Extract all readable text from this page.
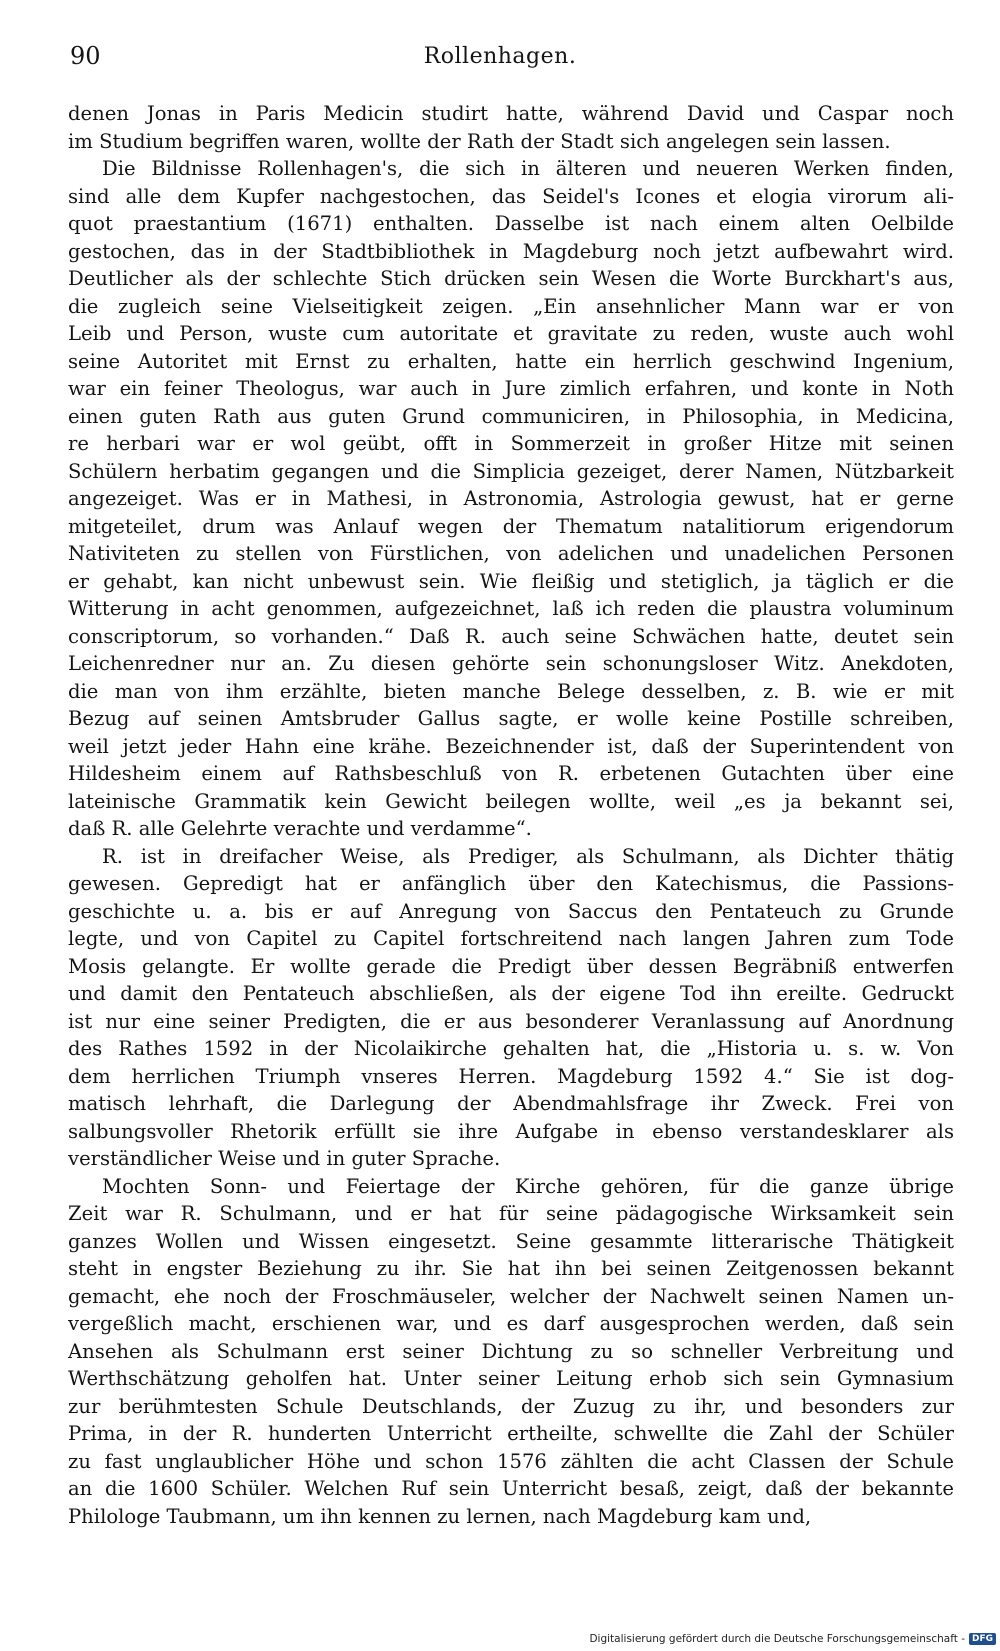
90	Rollenhagen.
denen Jonas in Paris Medicin studirt hatte, während David und Caspar noch
im Studium begriffen waren, wollte der Rath der Stadt sich angelegen sein lassen.
Die Bildnisse Rollenhagen's, die sich in älteren und neueren Werken finden,
sind alle dem Kupfer nachgestochen, das Seidel's Icones et elogia virorum ali-
quot praestantium (1671) enthalten. Dasselbe ist nach einem alten Oelbilde
gestochen, das in der Stadtbibliothek in Magdeburg noch jetzt aufbewahrt wird.
Deutlicher als der schlechte Stich drücken sein Wesen die Worte Burckhart's aus,
die zugleich seine Vielseitigkeit zeigen. „Ein ansehnlicher Mann war er von
Leib und Person, wuste cum autoritate et gravitate zu reden, wuste auch wohl
seine Autoritet mit Ernst zu erhalten, hatte ein herrlich geschwind Ingenium,
war ein feiner Theologus, war auch in Jure zimlich erfahren, und konte in Noth
einen guten Rath aus guten Grund communiciren, in Philosophia, in Medicina,
re herbari war er wol geübt, offt in Sommerzeit in großer Hitze mit seinen
Schülern herbatim gegangen und die Simplicia gezeiget, derer Namen, Nützbarkeit
angezeiget. Was er in Mathesi, in Astronomia, Astrologia gewust, hat er gerne
mitgeteilet, drum was Anlauf wegen der Thematum natalitiorum erigendorum
Nativiteten zu stellen von Fürstlichen, von adelichen und unadelichen Personen
er gehabt, kan nicht unbewust sein. Wie fleißig und stetiglich, ja täglich er die
Witterung in acht genommen, aufgezeichnet, laß ich reden die plaustra voluminum
conscriptorum, so vorhanden.“ Daß R. auch seine Schwächen hatte, deutet sein
Leichenredner nur an. Zu diesen gehörte sein schonungsloser Witz. Anekdoten,
die man von ihm erzählte, bieten manche Belege desselben, z. B. wie er mit
Bezug auf seinen Amtsbruder Gallus sagte, er wolle keine Postille schreiben,
weil jetzt jeder Hahn eine krähe. Bezeichnender ist, daß der Superintendent von
Hildesheim einem auf Rathsbeschluß von R. erbetenen Gutachten über eine
lateinische Grammatik kein Gewicht beilegen wollte, weil „es ja bekannt sei,
daß R. alle Gelehrte verachte und verdamme“.
R. ist in dreifacher Weise, als Prediger, als Schulmann, als Dichter thätig
gewesen. Gepredigt hat er anfänglich über den Katechismus, die Passions-
geschichte u. a. bis er auf Anregung von Saccus den Pentateuch zu Grunde
legte, und von Capitel zu Capitel fortschreitend nach langen Jahren zum Tode
Mosis gelangte. Er wollte gerade die Predigt über dessen Begräbniß entwerfen
und damit den Pentateuch abschließen, als der eigene Tod ihn ereilte. Gedruckt
ist nur eine seiner Predigten, die er aus besonderer Veranlassung auf Anordnung
des Rathes 1592 in der Nicolaikirche gehalten hat, die „Historia u. s. w. Von
dem herrlichen Triumph vnseres Herren. Magdeburg 1592 4.“ Sie ist dog-
matisch lehrhaft, die Darlegung der Abendmahlsfrage ihr Zweck. Frei von
salbungsvoller Rhetorik erfüllt sie ihre Aufgabe in ebenso verstandesklarer als
verständlicher Weise und in guter Sprache.
Mochten Sonn- und Feiertage der Kirche gehören, für die ganze übrige
Zeit war R. Schulmann, und er hat für seine pädagogische Wirksamkeit sein
ganzes Wollen und Wissen eingesetzt. Seine gesammte litterarische Thätigkeit
steht in engster Beziehung zu ihr. Sie hat ihn bei seinen Zeitgenossen bekannt
gemacht, ehe noch der Froschmäuseler, welcher der Nachwelt seinen Namen un-
vergeßlich macht, erschienen war, und es darf ausgesprochen werden, daß sein
Ansehen als Schulmann erst seiner Dichtung zu so schneller Verbreitung und
Werthschätzung geholfen hat. Unter seiner Leitung erhob sich sein Gymnasium
zur berühmtesten Schule Deutschlands, der Zuzug zu ihr, und besonders zur
Prima, in der R. hunderten Unterricht ertheilte, schwellte die Zahl der Schüler
zu fast unglaublicher Höhe und schon 1576 zählten die acht Classen der Schule
an die 1600 Schüler. Welchen Ruf sein Unterricht besaß, zeigt, daß der bekannte
Philologe Taubmann, um ihn kennen zu lernen, nach Magdeburg kam und,
Digitalisierung gefördert durch die Deutsche Forschungsgemeinschaft - DFG
